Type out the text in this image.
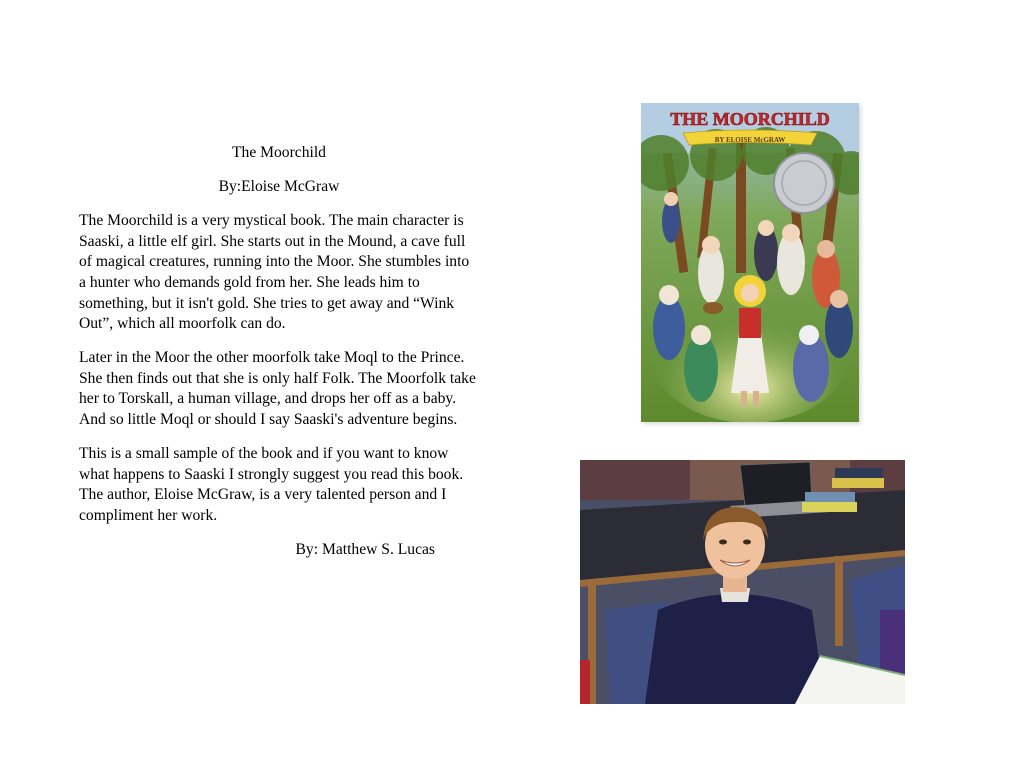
The Moorchild

By:Eloise McGraw

The Moorchild is a very mystical book. The main character is Saaski, a little elf girl. She starts out in the Mound, a cave full of magical creatures, running into the Moor. She stumbles into a hunter who demands gold from her. She leads him to something, but it isn't gold. She tries to get away and “Wink Out”, which all moorfolk can do.

Later in the Moor the other moorfolk take Moql to the Prince. She then finds out that she is only half Folk. The Moorfolk take her to Torskall, a human village, and drops her off as a baby. And so little Moql or should I say Saaski's adventure begins.

This is a small sample of the book and if you want to know what happens to Saaski I strongly suggest you read this book. The author, Eloise McGraw, is a very talented person and I compliment her work.

By: Matthew S. Lucas

THE MOORCHILD
BY ELOISE McGRAW
